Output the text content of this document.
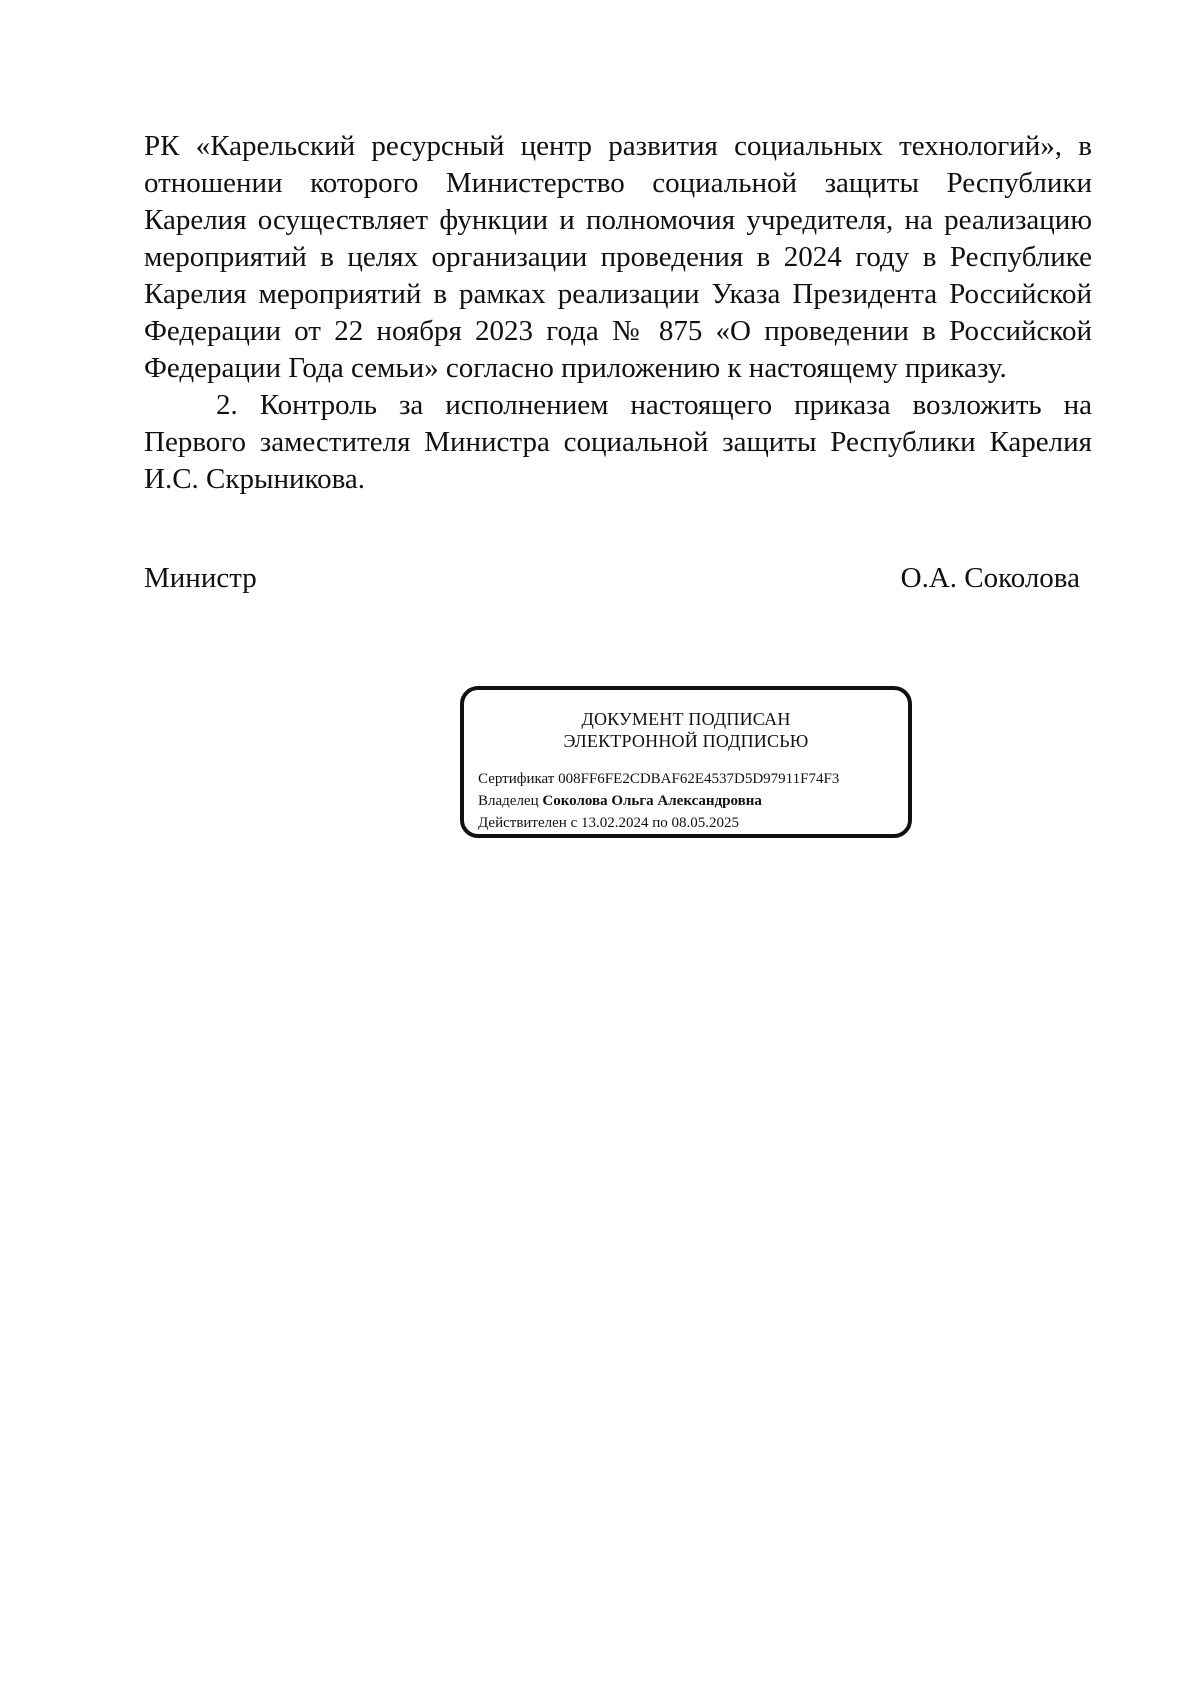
РК «Карельский ресурсный центр развития социальных технологий», в отношении которого Министерство социальной защиты Республики Карелия осуществляет функции и полномочия учредителя, на реализацию мероприятий в целях организации проведения в 2024 году в Республике Карелия мероприятий в рамках реализации Указа Президента Российской Федерации от 22 ноября 2023 года № 875 «О проведении в Российской Федерации Года семьи» согласно приложению к настоящему приказу.

2. Контроль за исполнением настоящего приказа возложить на Первого заместителя Министра социальной защиты Республики Карелия И.С. Скрыникова.

Министр	О.А. Соколова
ДОКУМЕНТ ПОДПИСАН
ЭЛЕКТРОННОЙ ПОДПИСЬЮ
Сертификат 008FF6FE2CDBAF62E4537D5D97911F74F3
Владелец Соколова Ольга Александровна
Действителен с 13.02.2024 по 08.05.2025
